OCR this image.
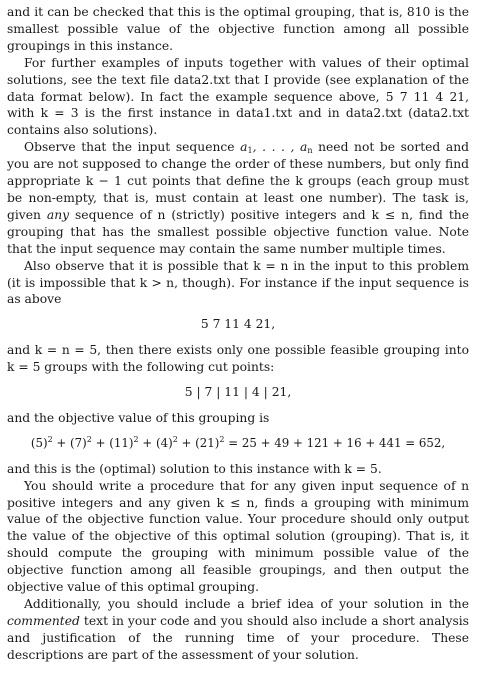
and it can be checked that this is the optimal grouping, that is, 810 is the smallest possible value of the objective function among all possible groupings in this instance.

For further examples of inputs together with values of their optimal solutions, see the text file data2.txt that I provide (see explanation of the data format below). In fact the example sequence above, 5 7 11 4 21, with k = 3 is the first instance in data1.txt and in data2.txt (data2.txt contains also solutions).

Observe that the input sequence $a_1$, . . . , $a_n$ need not be sorted and you are not supposed to change the order of these numbers, but only find appropriate k − 1 cut points that define the k groups (each group must be non-empty, that is, must contain at least one number). The task is, given any sequence of n (strictly) positive integers and k ≤ n, find the grouping that has the smallest possible objective function value. Note that the input sequence may contain the same number multiple times.

Also observe that it is possible that k = n in the input to this problem (it is impossible that k > n, though). For instance if the input sequence is as above

5 7 11 4 21,

and k = n = 5, then there exists only one possible feasible grouping into k = 5 groups with the following cut points:

5 | 7 | 11 | 4 | 21,

and the objective value of this grouping is

$(5)^2 + (7)^2 + (11)^2 + (4)^2 + (21)^2 = 25 + 49 + 121 + 16 + 441 = 652$,

and this is the (optimal) solution to this instance with k = 5.

You should write a procedure that for any given input sequence of n positive integers and any given k ≤ n, finds a grouping with minimum value of the objective function value. Your procedure should only output the value of the objective of this optimal solution (grouping). That is, it should compute the grouping with minimum possible value of the objective function among all feasible groupings, and then output the objective value of this optimal grouping.

Additionally, you should include a brief idea of your solution in the commented text in your code and you should also include a short analysis and justification of the running time of your procedure. These descriptions are part of the assessment of your solution.
